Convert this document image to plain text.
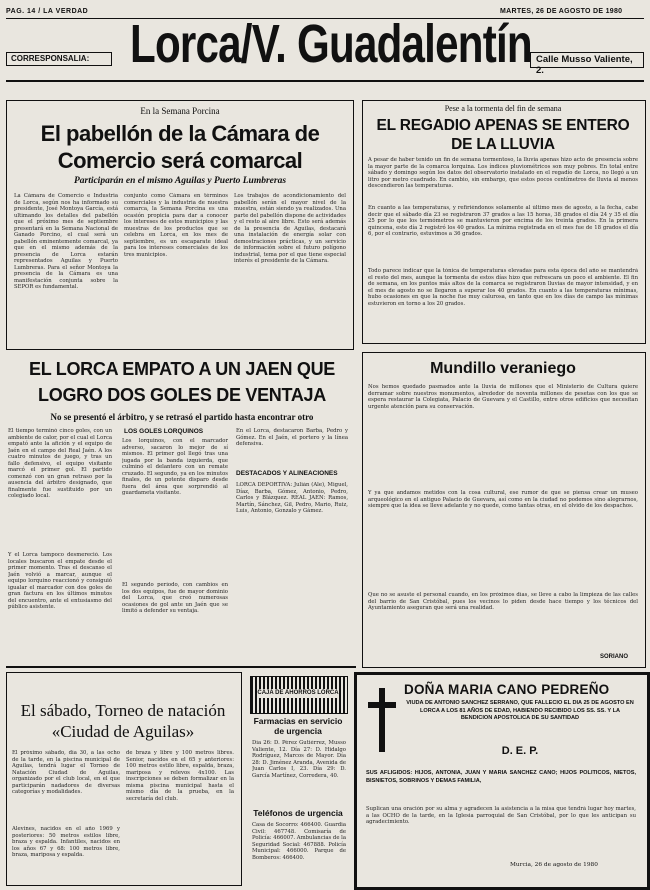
PAG. 14 / LA VERDAD	MARTES, 26 DE AGOSTO DE 1980
CORRESPONSALIA: Lorca/V. Guadalentín Calle Musso Valiente, 2.
En la Semana Porcina
El pabellón de la Cámara de Comercio será comarcal
Participarán en el mismo Aguilas y Puerto Lumbreras
La Cámara de Comercio e Industria de Lorca, según nos ha informado su presidente, José Montoya García, está ultimando los detalles del pabellón que el próximo mes de septiembre presentará en la Semana Nacional de Ganado Porcino, el cual será un pabellón eminentemente comarcal, ya que en el mismo además de la presencia de Lorca estarán representados Aguilas y Puerto Lumbreras. Para el señor Montoya la presencia de la Cámara es una manifestación conjunta sobre la SEPOR es fundamental.
conjunto como Cámara en términos comerciales y la industria de nuestra comarca, la Semana Porcina es una ocasión propicia para dar a conocer los intereses de estos municipios y las muestras de los productos que se celebra en Lorca, en los mes de septiembre, es un escaparate ideal para los intereses comerciales de los tres municipios.
Los trabajos de acondicionamiento del pabellón serán el mayor nivel de la muestra, están siendo ya realizados. Una parte del pabellón dispone de actividades y el resto al aire libre. Esto será además de la presencia de Aguilas, destacará una instalación de energía solar con demostraciones prácticas, y un servicio de información sobre el futuro polígono industrial, tema por el que tiene especial interés el presidente de la Cámara.
Pese a la tormenta del fin de semana
EL REGADIO APENAS SE ENTERO DE LA LLUVIA
A pesar de haber tenido un fin de semana tormentoso, la lluvia apenas hizo acto de presencia sobre la mayor parte de la comarca lorquina. Los índices pluviométricos son muy pobres. En total entre sábado y domingo según los datos del observatorio instalado en el regadío de Lorca, no llegó a un litro por metro cuadrado. En cambio, sin embargo, que estos pocos centímetros de lluvia al menos descendieron las temperaturas.
En cuanto a las temperaturas, y refiriéndonos solamente al último mes de agosto, a la fecha, cabe decir que el sábado día 23 se registraron 37 grados a las 15 horas, 38 grados el día 24 y 35 el día 25 por lo que los termómetros se mantuvieron por encima de los treinta grados. En la primera quincena, este día 2 registró los 40 grados. La mínima registrada en el mes fue de 18 grados el día 6, por el contrario, estuvimos a 36 grados.
Todo parece indicar que la tónica de temperaturas elevadas para esta época del año se mantendrá el resto del mes, aunque la tormenta de estos días hizo que refrescara un poco el ambiente. El fin de semana, en los puntos más altos de la comarca se registraron lluvias de mayor intensidad, y en el mes de agosto no se llegaron a superar los 40 grados. En cuanto a las temperaturas mínimas, hubo ocasiones en que la noche fue muy calurosa, en tanto que en los días de campo las mínimas estuvieron en torno a los 20 grados.
EL LORCA EMPATO A UN JAEN QUE LOGRO DOS GOLES DE VENTAJA
No se presentó el árbitro, y se retrasó el partido hasta encontrar otro
El tiempo terminó cinco goles, con un ambiente de calor, por el cual el Lorca empató ante la afición y el equipo de Jaén en el campo del Real Jaén. A los cuatro minutos de juego, y tras un fallo defensivo, el equipo visitante marcó el primer gol. El partido comenzó con un gran retraso por la ausencia del árbitro designado, que finalmente fue sustituido por un colegiado local.
Y el Lorca tampoco desmereció. Los locales buscaron el empate desde el primer momento. Tras el descanso el Jaén volvió a marcar, aunque el equipo lorquino reaccionó y consiguió igualar el marcador con dos goles de gran factura en los últimos minutos del encuentro, ante el entusiasmo del público asistente.
LOS GOLES LORQUINOS
Los lorquinos, con el marcador adverso, sacaron lo mejor de sí mismos. El primer gol llegó tras una jugada por la banda izquierda, que culminó el delantero con un remate cruzado. El segundo, ya en los minutos finales, de un potente disparo desde fuera del área que sorprendió al guardameta visitante.
El segundo período, con cambios en los dos equipos, fue de mayor dominio del Lorca, que creó numerosas ocasiones de gol ante un Jaén que se limitó a defender su ventaja.
En el Lorca, destacaron Barba, Pedro y Gómez. En el Jaén, el portero y la línea defensiva.
DESTACADOS Y ALINEACIONES
LORCA DEPORTIVA: Julián (Ale), Miguel, Díaz, Barba, Gómez, Antonio, Pedro, Carlos y Blázquez. REAL JAEN: Ramos, Martín, Sánchez, Gil, Pedro, Mario, Ruiz, Luis, Antonio, Gonzalo y Gámez.
Mundillo veraniego
Nos hemos quedado pasmados ante la lluvia de millones que el Ministerio de Cultura quiere derramar sobre nuestros monumentos, alrededor de noventa millones de pesetas con los que se espera restaurar la Colegiata, Palacio de Guevara y el Castillo, entre otros edificios que necesitan urgente atención para su conservación.
Y ya que andamos metidos con la cosa cultural, ese rumor de que se piensa crear un museo arqueológico en el antiguo Palacio de Guevara, así como en la ciudad no podemos sino alegrarnos, siempre que la idea se lleve adelante y no quede, como tantas otras, en el olvido de los despachos.
Que no se asuste el personal cuando, en los próximos días, se lleve a cabo la limpieza de las calles del barrio de San Cristóbal, pues los vecinos lo piden desde hace tiempo y los técnicos del Ayuntamiento aseguran que será una realidad.
SORIANO
El sábado, Torneo de natación «Ciudad de Aguilas»
El próximo sábado, día 30, a las ocho de la tarde, en la piscina municipal de Aguilas, tendrá lugar el Torneo de Natación Ciudad de Aguilas, organizado por el club local, en el que participarán nadadores de diversas categorías y modalidades.
Alevines, nacidos en el año 1969 y posteriores: 50 metros estilos libre, braza y espalda. Infantiles, nacidos en los años 67 y 68: 100 metros libre, braza, mariposa y espalda.
de braza y libre y 100 metros libres. Senior, nacidos en el 65 y anteriores: 100 metros estilo libre, espalda, braza, mariposa y relevos 4x100. Las inscripciones se deben formalizar en la misma piscina municipal hasta el mismo día de la prueba, en la secretaría del club.
CAJA DE AHORROS LORCA
Farmacias en servicio de urgencia
Día 26: D. Pérez Gutiérrez, Musso Valiente, 12. Día 27: D. Hidalgo Rodríguez, Marcos de Mayor. Día 28: D. Jiménez Aranda, Avenida de Juan Carlos I, 23. Día 29: D. García Martínez, Corredera, 40.
Teléfonos de urgencia
Casa de Socorro: 466400. Guardia Civil: 467748. Comisaría de Policía: 466007. Ambulancias de la Seguridad Social: 467888. Policía Municipal: 466000. Parque de Bomberos: 466400.
DOÑA MARIA CANO PEDREÑO
VIUDA DE ANTONIO SANCHEZ SERRANO, QUE FALLECIO EL DIA 25 DE AGOSTO EN LORCA A LOS 81 AÑOS DE EDAD, HABIENDO RECIBIDO LOS SS. SS. Y LA BENDICION APOSTOLICA DE SU SANTIDAD
D. E. P.
SUS AFLIGIDOS: HIJOS, ANTONIA, JUAN Y MARIA SANCHEZ CANO; HIJOS POLITICOS, NIETOS, BISNIETOS, SOBRINOS Y DEMAS FAMILIA,
Suplican una oración por su alma y agradecen la asistencia a la misa que tendrá lugar hoy martes, a las OCHO de la tarde, en la Iglesia parroquial de San Cristóbal, por lo que les anticipan su agradecimiento.
Murcia, 26 de agosto de 1980
